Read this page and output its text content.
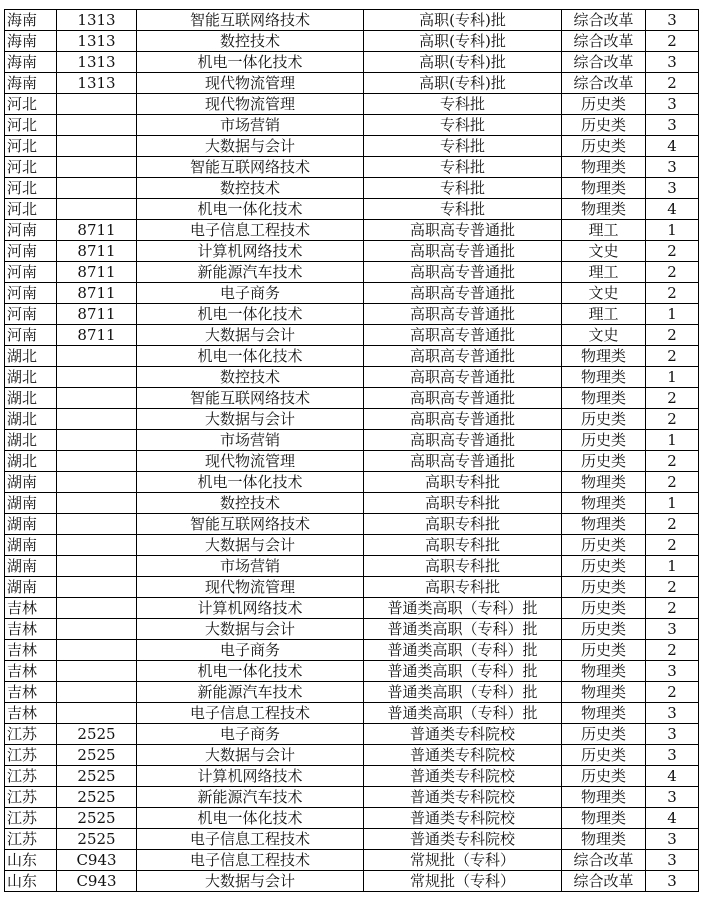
海南	1313	智能互联网络技术	高职(专科)批	综合改革	3
海南	1313	数控技术	高职(专科)批	综合改革	2
海南	1313	机电一体化技术	高职(专科)批	综合改革	3
海南	1313	现代物流管理	高职(专科)批	综合改革	2
河北		现代物流管理	专科批	历史类	3
河北		市场营销	专科批	历史类	3
河北		大数据与会计	专科批	历史类	4
河北		智能互联网络技术	专科批	物理类	3
河北		数控技术	专科批	物理类	3
河北		机电一体化技术	专科批	物理类	4
河南	8711	电子信息工程技术	高职高专普通批	理工	1
河南	8711	计算机网络技术	高职高专普通批	文史	2
河南	8711	新能源汽车技术	高职高专普通批	理工	2
河南	8711	电子商务	高职高专普通批	文史	2
河南	8711	机电一体化技术	高职高专普通批	理工	1
河南	8711	大数据与会计	高职高专普通批	文史	2
湖北		机电一体化技术	高职高专普通批	物理类	2
湖北		数控技术	高职高专普通批	物理类	1
湖北		智能互联网络技术	高职高专普通批	物理类	2
湖北		大数据与会计	高职高专普通批	历史类	2
湖北		市场营销	高职高专普通批	历史类	1
湖北		现代物流管理	高职高专普通批	历史类	2
湖南		机电一体化技术	高职专科批	物理类	2
湖南		数控技术	高职专科批	物理类	1
湖南		智能互联网络技术	高职专科批	物理类	2
湖南		大数据与会计	高职专科批	历史类	2
湖南		市场营销	高职专科批	历史类	1
湖南		现代物流管理	高职专科批	历史类	2
吉林		计算机网络技术	普通类高职（专科）批	历史类	2
吉林		大数据与会计	普通类高职（专科）批	历史类	3
吉林		电子商务	普通类高职（专科）批	历史类	2
吉林		机电一体化技术	普通类高职（专科）批	物理类	3
吉林		新能源汽车技术	普通类高职（专科）批	物理类	2
吉林		电子信息工程技术	普通类高职（专科）批	物理类	3
江苏	2525	电子商务	普通类专科院校	历史类	3
江苏	2525	大数据与会计	普通类专科院校	历史类	3
江苏	2525	计算机网络技术	普通类专科院校	历史类	4
江苏	2525	新能源汽车技术	普通类专科院校	物理类	3
江苏	2525	机电一体化技术	普通类专科院校	物理类	4
江苏	2525	电子信息工程技术	普通类专科院校	物理类	3
山东	C943	电子信息工程技术	常规批（专科）	综合改革	3
山东	C943	大数据与会计	常规批（专科）	综合改革	3
